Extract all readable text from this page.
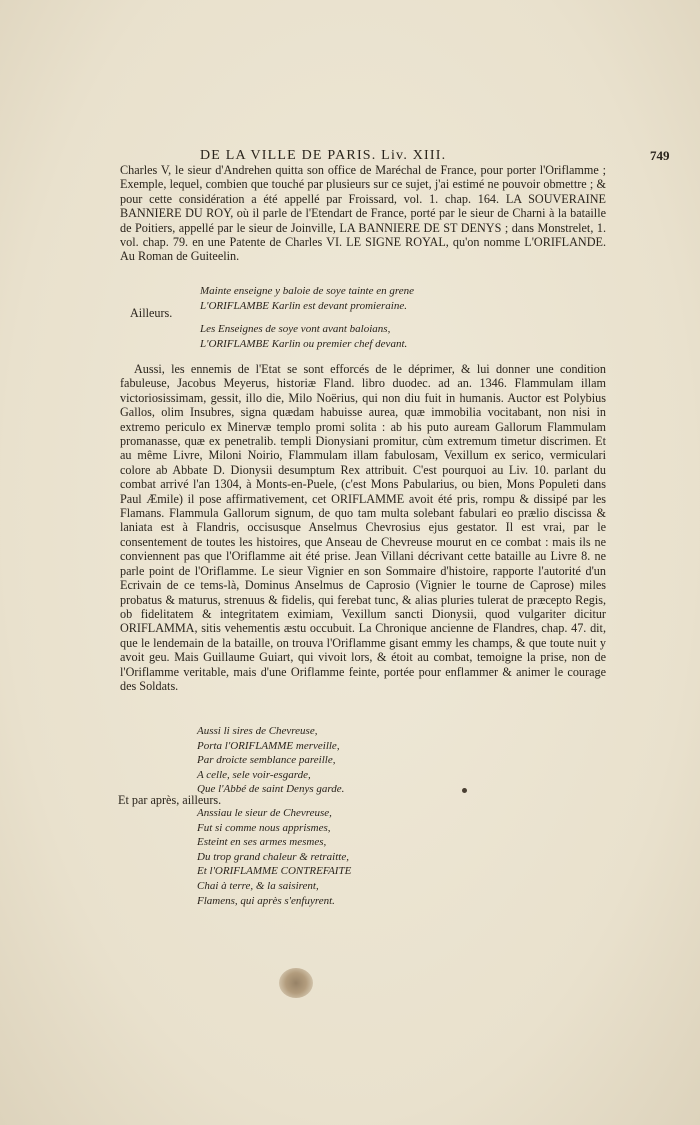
DE LA VILLE DE PARIS. Liv. XIII.	749

Charles V, le sieur d'Andrehen quitta son office de Maréchal de France, pour porter l'Oriflamme ; Exemple, lequel, combien que touché par plusieurs sur ce sujet, j'ai estimé ne pouvoir obmettre ; & pour cette considération a été appellé par Froissard, vol. 1. chap. 164. LA SOUVERAINE BANNIERE DU ROY, où il parle de l'Etendart de France, porté par le sieur de Charni à la bataille de Poitiers, appellé par le sieur de Joinville, LA BANNIERE DE ST DENYS ; dans Monstrelet, 1. vol. chap. 79. en une Patente de Charles VI. LE SIGNE ROYAL, qu'on nomme L'ORIFLANDE. Au Roman de Guiteelin.

Mainte enseigne y baloie de soye tainte en grene
L'ORIFLAMBE Karlin est devant promieraine.
Ailleurs.
Les Enseignes de soye vont avant baloians,
L'ORIFLAMBE Karlin ou premier chef devant.

Aussi, les ennemis de l'Etat se sont efforcés de le déprimer, & lui donner une condition fabuleuse, Jacobus Meyerus, historiæ Fland. libro duodec. ad an. 1346. Flammulam illam victoriosissimam, gessit, illo die, Milo Noërius, qui non diu fuit in humanis. Auctor est Polybius Gallos, olim Insubres, signa quædam habuisse aurea, quæ immobilia vocitabant, non nisi in extremo periculo ex Minervæ templo promi solita : ab his puto auream Gallorum Flammulam promanasse, quæ ex penetralib. templi Dionysiani promitur, cùm extremum timetur discrimen. Et au même Livre, Miloni Noirio, Flammulam illam fabulosam, Vexillum ex serico, vermiculari colore ab Abbate D. Dionysii desumptum Rex attribuit. C'est pourquoi au Liv. 10. parlant du combat arrivé l'an 1304, à Monts-en-Puele, (c'est Mons Pabularius, ou bien, Mons Populeti dans Paul Æmile) il pose affirmativement, cet ORIFLAMME avoit été pris, rompu & dissipé par les Flamans. Flammula Gallorum signum, de quo tam multa solebant fabulari eo prælio discissa & laniata est à Flandris, occisusque Anselmus Chevrosius ejus gestator. Il est vrai, par le consentement de toutes les histoires, que Anseau de Chevreuse mourut en ce combat : mais ils ne conviennent pas que l'Oriflamme ait été prise. Jean Villani décrivant cette bataille au Livre 8. ne parle point de l'Oriflamme. Le sieur Vignier en son Sommaire d'histoire, rapporte l'autorité d'un Ecrivain de ce tems-là, Dominus Anselmus de Caprosio (Vignier le tourne de Caprose) miles probatus & maturus, strenuus & fidelis, qui ferebat tunc, & alias pluries tulerat de præcepto Regis, ob fidelitatem & integritatem eximiam, Vexillum sancti Dionysii, quod vulgariter dicitur ORIFLAMMA, sitis vehementis æstu occubuit. La Chronique ancienne de Flandres, chap. 47. dit, que le lendemain de la bataille, on trouva l'Oriflamme gisant emmy les champs, & que toute nuit y avoit geu. Mais Guillaume Guiart, qui vivoit lors, & étoit au combat, temoigne la prise, non de l'Oriflamme veritable, mais d'une Oriflamme feinte, portée pour enflammer & animer le courage des Soldats.

Aussi li sires de Chevreuse,
Porta l'ORIFLAMME merveille,
Par droicte semblance pareille,
A celle, sele voir-esgarde,
Que l'Abbé de saint Denys garde.
Et par après, ailleurs.
Anssiau le sieur de Chevreuse,
Fut si comme nous apprismes,
Esteint en ses armes mesmes,
Du trop grand chaleur & retraitte,
Et l'ORIFLAMME CONTREFAITE
Chai à terre, & la saisirent,
Flamens, qui après s'enfuyrent.
